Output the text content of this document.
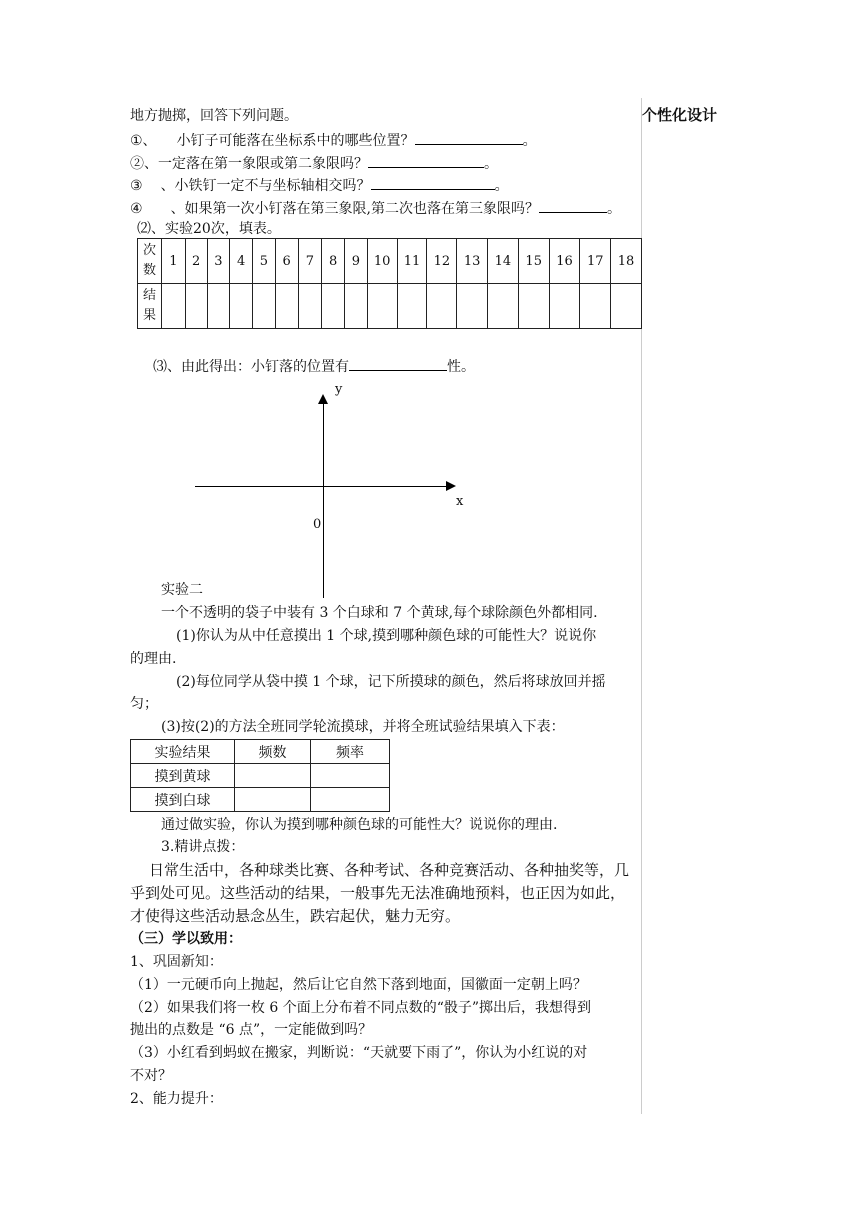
个性化设计
地方抛掷，回答下列问题。
①、 小钉子可能落在坐标系中的哪些位置？	。
②、一定落在第一象限或第二象限吗？	。
③ 、小铁钉一定不与坐标轴相交吗？	。
④ 、如果第一次小钉落在第三象限,第二次也落在第三象限吗？	。
⑵、实验20次，填表。
次
数	1	2	3	4	5	6	7	8	9	10	11	12	13	14	15	16	17	18
结
果																		
⑶、由此得出：小钉落的位置有	性。
y
x
0
实验二
一个不透明的袋子中装有 3 个白球和 7 个黄球,每个球除颜色外都相同.
(1)你认为从中任意摸出 1 个球,摸到哪种颜色球的可能性大？说说你
的理由.
(2)每位同学从袋中摸 1 个球，记下所摸球的颜色，然后将球放回并摇
匀；
(3)按(2)的方法全班同学轮流摸球，并将全班试验结果填入下表：
实验结果	频数	频率
摸到黄球		
摸到白球		
通过做实验，你认为摸到哪种颜色球的可能性大？说说你的理由.
3.精讲点拨：
日常生活中，各种球类比赛、各种考试、各种竞赛活动、各种抽奖等，几
乎到处可见。这些活动的结果，一般事先无法准确地预料，也正因为如此，
才使得这些活动悬念丛生，跌宕起伏，魅力无穷。
（三）学以致用：
1、巩固新知：
（1）一元硬币向上抛起，然后让它自然下落到地面，国徽面一定朝上吗？
（2）如果我们将一枚 6 个面上分布着不同点数的“骰子”掷出后，我想得到
抛出的点数是 “6 点”，一定能做到吗？
（3）小红看到蚂蚁在搬家，判断说：“天就要下雨了”，你认为小红说的对
不对？
2、能力提升：
